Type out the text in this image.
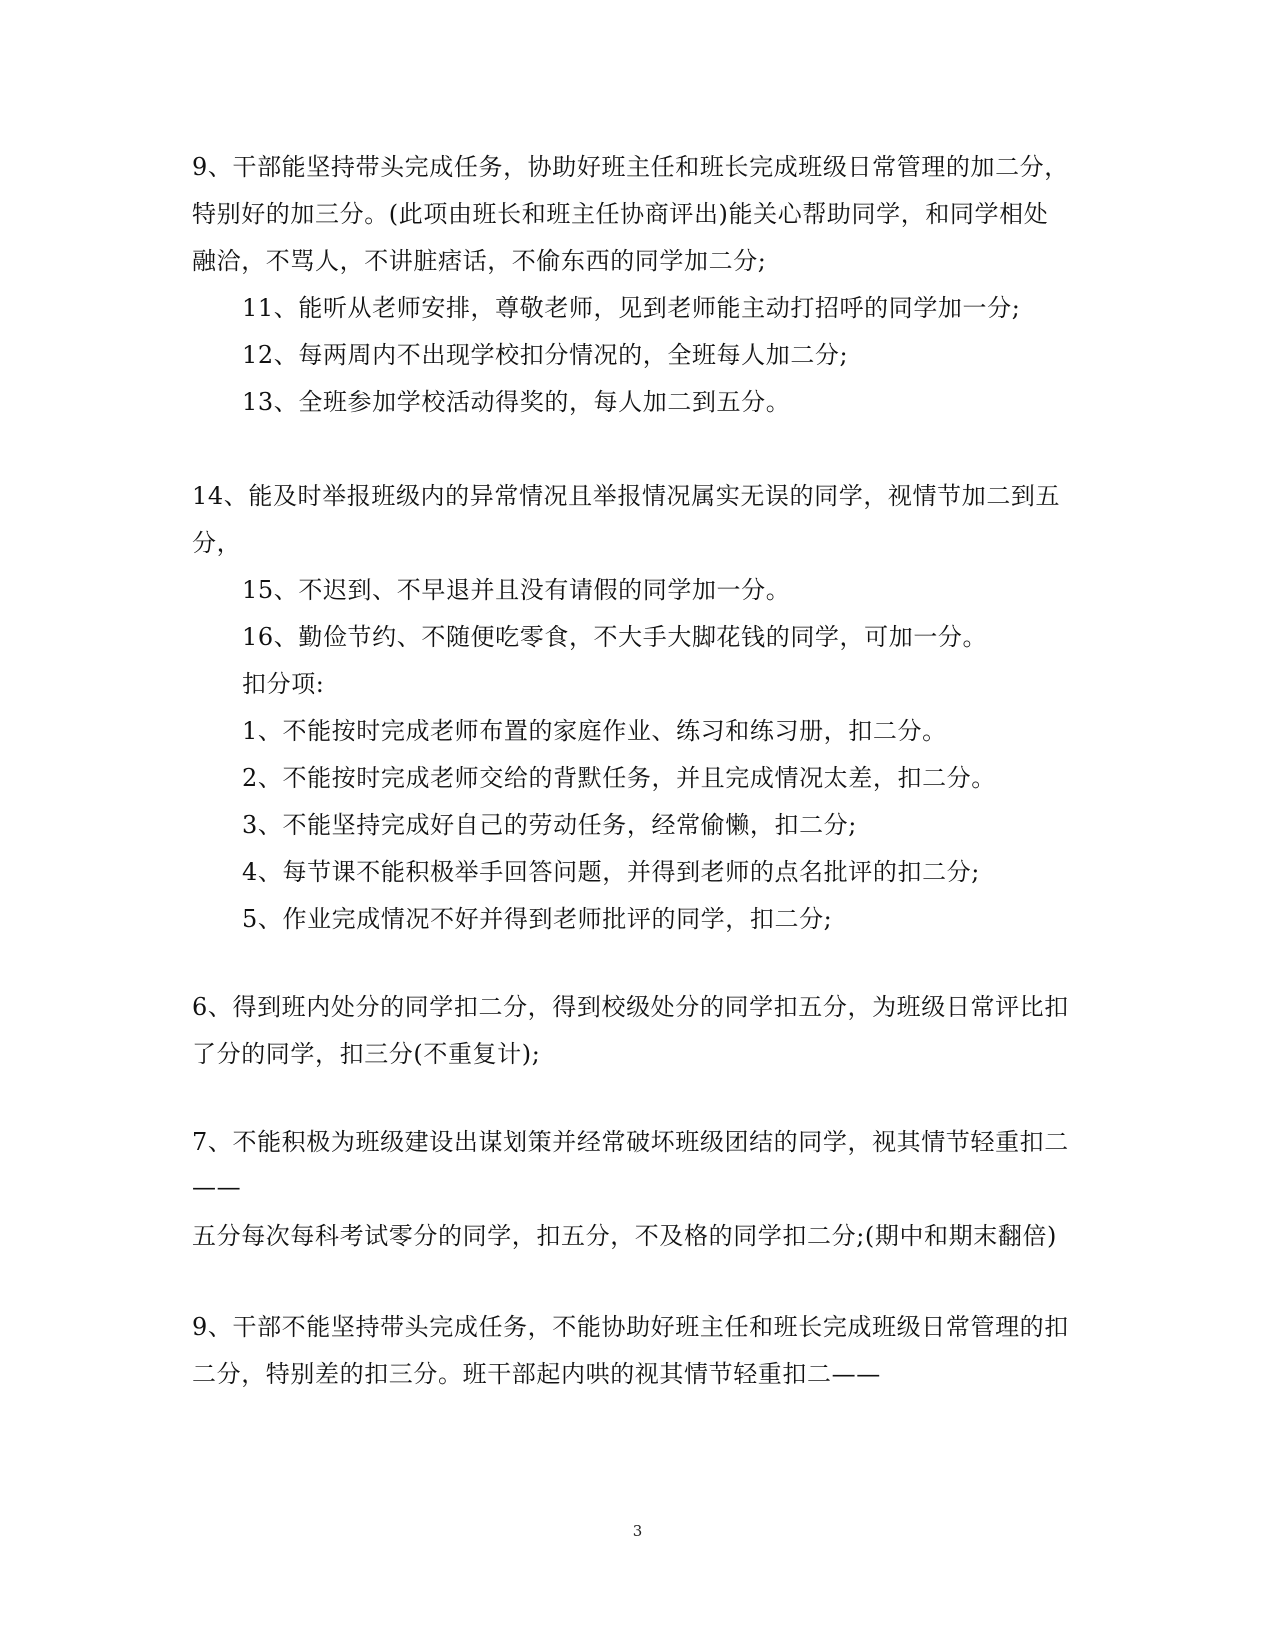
9、干部能坚持带头完成任务，协助好班主任和班长完成班级日常管理的加二分，
特别好的加三分。(此项由班长和班主任协商评出)能关心帮助同学，和同学相处
融洽，不骂人，不讲脏痞话，不偷东西的同学加二分;
11、能听从老师安排，尊敬老师，见到老师能主动打招呼的同学加一分;
12、每两周内不出现学校扣分情况的，全班每人加二分;
13、全班参加学校活动得奖的，每人加二到五分。
14、能及时举报班级内的异常情况且举报情况属实无误的同学，视情节加二到五
分，
15、不迟到、不早退并且没有请假的同学加一分。
16、勤俭节约、不随便吃零食，不大手大脚花钱的同学，可加一分。
扣分项:
1、不能按时完成老师布置的家庭作业、练习和练习册，扣二分。
2、不能按时完成老师交给的背默任务，并且完成情况太差，扣二分。
3、不能坚持完成好自己的劳动任务，经常偷懒，扣二分;
4、每节课不能积极举手回答问题，并得到老师的点名批评的扣二分;
5、作业完成情况不好并得到老师批评的同学，扣二分;
6、得到班内处分的同学扣二分，得到校级处分的同学扣五分，为班级日常评比扣
了分的同学，扣三分(不重复计);
7、不能积极为班级建设出谋划策并经常破坏班级团结的同学，视其情节轻重扣二
——
五分每次每科考试零分的同学，扣五分，不及格的同学扣二分;(期中和期末翻倍)
9、干部不能坚持带头完成任务，不能协助好班主任和班长完成班级日常管理的扣
二分，特别差的扣三分。班干部起内哄的视其情节轻重扣二——
3
